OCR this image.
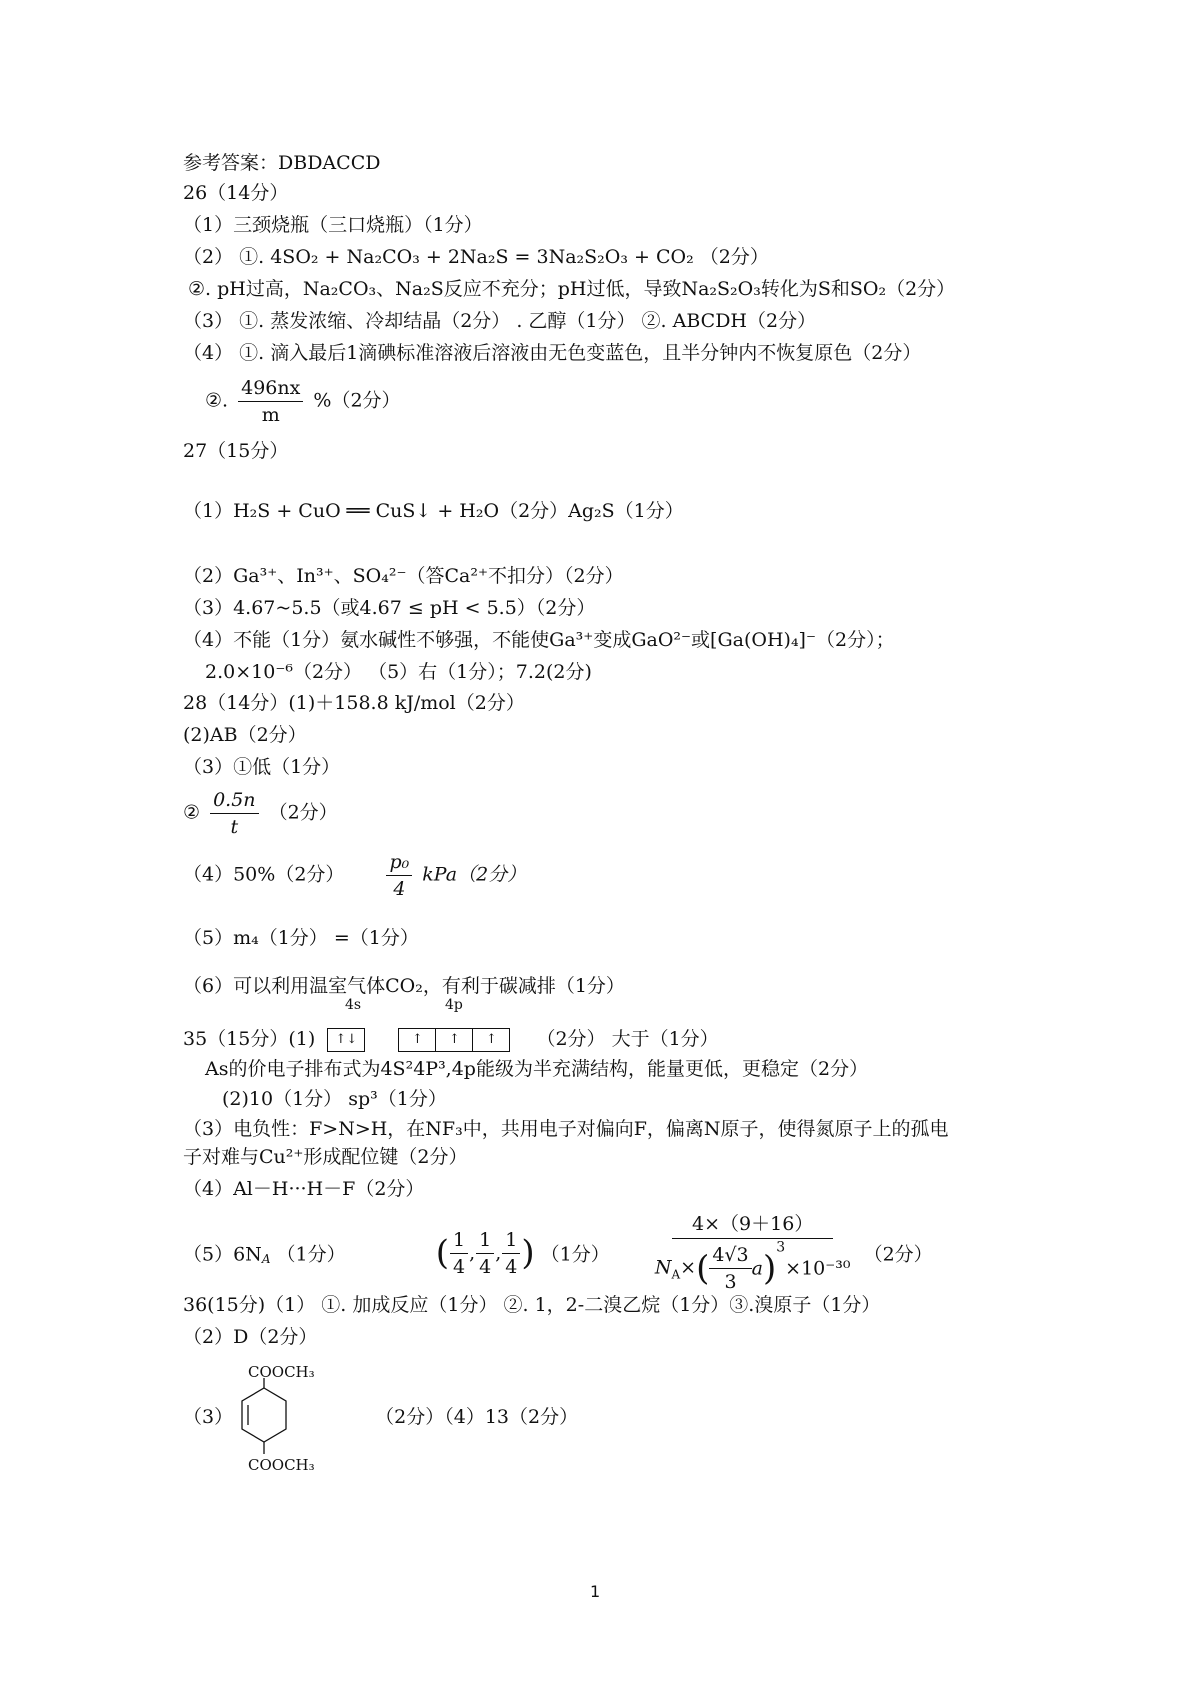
参考答案：DBDACCD
26（14分）
（1）三颈烧瓶（三口烧瓶）（1分）
（2） ①. 4SO₂ + Na₂CO₃ + 2Na₂S = 3Na₂S₂O₃ + CO₂ （2分）
②. pH过高，Na₂CO₃、Na₂S反应不充分；pH过低，导致Na₂S₂O₃转化为S和SO₂（2分）
（3） ①. 蒸发浓缩、冷却结晶（2分） . 乙醇（1分） ②. ABCDH（2分）
（4） ①. 滴入最后1滴碘标准溶液后溶液由无色变蓝色，且半分钟内不恢复原色（2分）
②. $\frac{496nx}{m} \%(2$分）
27（15分）
（1）H₂S + CuO ══ CuS↓ + H₂O（2分）Ag₂S（1分）
（2）Ga³⁺、In³⁺、SO₄²⁻（答Ca²⁺不扣分）（2分）
（3）4.67~5.5（或4.67 ≤ pH < 5.5）（2分）
（4）不能（1分）氨水碱性不够强，不能使Ga³⁺变成GaO²⁻或[Ga(OH)₄]⁻（2分）；
2.0×10⁻⁶（2分） （5）右（1分）；7.2(2分)
28（14分）(1)＋158.8 kJ/mol（2分）
(2)AB（2分）
（3）①低（1分）
② $\frac{0.5n}{t} (2$分）
（4）50%（2分） $\frac{\text{p₀}}{4} kPa(2$分）
（5）m₄（1分） =（1分）
（6）可以利用温室气体CO₂，有利于碳减排（1分）
4s	4p
35（15分）(1) ↑↓	↑ ↑ ↑ （2分） 大于（1分）
As的价电子排布式为4S²4P³,4p能级为半充满结构，能量更低，更稳定（2分）
(2)10（1分） sp³（1分）
（3）电负性：F>N>H，在NF₃中，共用电子对偏向F，偏离N原子，使得氮原子上的孤电
子对难与Cu²⁺形成配位键（2分）
（4）Al－H···H－F（2分）
$(5)6N_A$ （1分）	( $\frac{1}{4}$ , $\frac{1}{4}$ , $\frac{1}{4}$ ) （1分） $\frac{4\times(9+16)}{N_A\times( \frac{4√3}{3} a)^3\times 10^{-30}} (2$分）
36(15分)（1） ①. 加成反应（1分） ②. 1，2-二溴乙烷（1分）③.溴原子（1分）
（2）D（2分）
COOCH₃
（3）	（2分）（4）13（2分）
COOCH₃
1
